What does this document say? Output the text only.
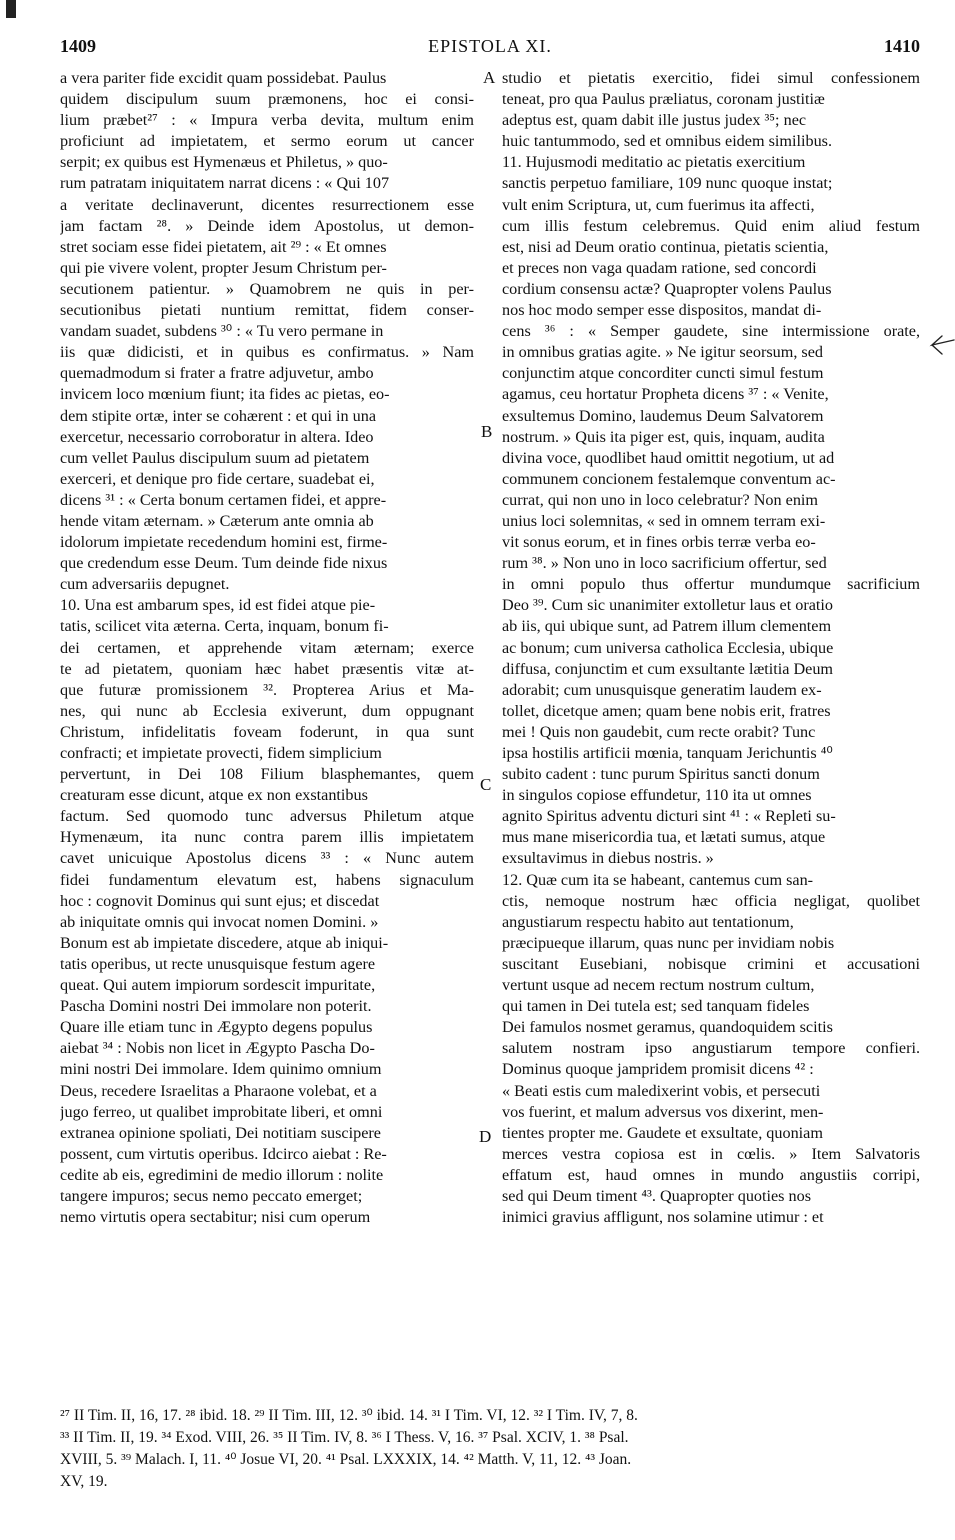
1409	EPISTOLA XI.	1410
a vera pariter fide excidit quam possidebat. Paulus
quidem discipulum suum præmonens, hoc ei consi-
lium præbet²⁷ : « Impura verba devita, multum enim
proficiunt ad impietatem, et sermo eorum ut cancer
serpit; ex quibus est Hymenæus et Philetus, » quo-
rum patratam iniquitatem narrat dicens : « Qui 107
a veritate declinaverunt, dicentes resurrectionem esse
jam factam ²⁸. » Deinde idem Apostolus, ut demon-
stret sociam esse fidei pietatem, ait ²⁹ : « Et omnes
qui pie vivere volent, propter Jesum Christum per-
secutionem patientur. » Quamobrem ne quis in per-
secutionibus pietati nuntium remittat, fidem conser-
vandam suadet, subdens ³⁰ : « Tu vero permane in
iis quæ didicisti, et in quibus es confirmatus. » Nam
quemadmodum si frater a fratre adjuvetur, ambo
invicem loco mœnium fiunt; ita fides ac pietas, eo-
dem stipite ortæ, inter se cohærent : et qui in una
exercetur, necessario corroboratur in altera. Ideo
cum vellet Paulus discipulum suum ad pietatem
exerceri, et denique pro fide certare, suadebat ei,
dicens ³¹ : « Certa bonum certamen fidei, et appre-
hende vitam æternam. » Cæterum ante omnia ab
idolorum impietate recedendum homini est, firme-
que credendum esse Deum. Tum deinde fide nixus
cum adversariis depugnet.
10. Una est ambarum spes, id est fidei atque pie-
tatis, scilicet vita æterna. Certa, inquam, bonum fi-
dei certamen, et apprehende vitam æternam; exerce
te ad pietatem, quoniam hæc habet præsentis vitæ at-
que futuræ promissionem ³². Propterea Arius et Ma-
nes, qui nunc ab Ecclesia exiverunt, dum oppugnant
Christum, infidelitatis foveam foderunt, in qua sunt
confracti; et impietate provecti, fidem simplicium
pervertunt, in Dei 108 Filium blasphemantes, quem
creaturam esse dicunt, atque ex non exstantibus
factum. Sed quomodo tunc adversus Philetum atque
Hymenæum, ita nunc contra parem illis impietatem
cavet unicuique Apostolus dicens ³³ : « Nunc autem
fidei fundamentum elevatum est, habens signaculum
hoc : cognovit Dominus qui sunt ejus; et discedat
ab iniquitate omnis qui invocat nomen Domini. »
Bonum est ab impietate discedere, atque ab iniqui-
tatis operibus, ut recte unusquisque festum agere
queat. Qui autem impiorum sordescit impuritate,
Pascha Domini nostri Dei immolare non poterit.
Quare ille etiam tunc in Ægypto degens populus
aiebat ³⁴ : Nobis non licet in Ægypto Pascha Do-
mini nostri Dei immolare. Idem quinimo omnium
Deus, recedere Israelitas a Pharaone volebat, et a
jugo ferreo, ut qualibet improbitate liberi, et omni
extranea opinione spoliati, Dei notitiam suscipere
possent, cum virtutis operibus. Idcirco aiebat : Re-
cedite ab eis, egredimini de medio illorum : nolite
tangere impuros; secus nemo peccato emerget;
nemo virtutis opera sectabitur; nisi cum operum
studio et pietatis exercitio, fidei simul confessionem
teneat, pro qua Paulus præliatus, coronam justitiæ
adeptus est, quam dabit ille justus judex ³⁵; nec
huic tantummodo, sed et omnibus eidem similibus.
11. Hujusmodi meditatio ac pietatis exercitium
sanctis perpetuo familiare, 109 nunc quoque instat;
vult enim Scriptura, ut, cum fuerimus ita affecti,
cum illis festum celebremus. Quid enim aliud festum
est, nisi ad Deum oratio continua, pietatis scientia,
et preces non vaga quadam ratione, sed concordi
cordium consensu actæ? Quapropter volens Paulus
nos hoc modo semper esse dispositos, mandat di-
cens ³⁶ : « Semper gaudete, sine intermissione orate,
in omnibus gratias agite. » Ne igitur seorsum, sed
conjunctim atque concorditer cuncti simul festum
agamus, ceu hortatur Propheta dicens ³⁷ : « Venite,
exsultemus Domino, laudemus Deum Salvatorem
nostrum. » Quis ita piger est, quis, inquam, audita
divina voce, quodlibet haud omittit negotium, ut ad
communem concionem festalemque conventum ac-
currat, qui non uno in loco celebratur? Non enim
unius loci solemnitas, « sed in omnem terram exi-
vit sonus eorum, et in fines orbis terræ verba eo-
rum ³⁸. » Non uno in loco sacrificium offertur, sed
in omni populo thus offertur mundumque sacrificium
Deo ³⁹. Cum sic unanimiter extolletur laus et oratio
ab iis, qui ubique sunt, ad Patrem illum clementem
ac bonum; cum universa catholica Ecclesia, ubique
diffusa, conjunctim et cum exsultante lætitia Deum
adorabit; cum unusquisque generatim laudem ex-
tollet, dicetque amen; quam bene nobis erit, fratres
mei ! Quis non gaudebit, cum recte orabit? Tunc
ipsa hostilis artificii mœnia, tanquam Jerichuntis ⁴⁰
subito cadent : tunc purum Spiritus sancti donum
in singulos copiose effundetur, 110 ita ut omnes
agnito Spiritus adventu dicturi sint ⁴¹ : « Repleti su-
mus mane misericordia tua, et lætati sumus, atque
exsultavimus in diebus nostris. »
12. Quæ cum ita se habeant, cantemus cum san-
ctis, nemoque nostrum hæc officia negligat, quolibet
angustiarum respectu habito aut tentationum,
præcipueque illarum, quas nunc per invidiam nobis
suscitant Eusebiani, nobisque crimini et accusationi
vertunt usque ad necem rectum nostrum cultum,
qui tamen in Dei tutela est; sed tanquam fideles
Dei famulos nosmet geramus, quandoquidem scitis
salutem nostram ipso angustiarum tempore confieri.
Dominus quoque jampridem promisit dicens ⁴² :
« Beati estis cum maledixerint vobis, et persecuti
vos fuerint, et malum adversus vos dixerint, men-
tientes propter me. Gaudete et exsultate, quoniam
merces vestra copiosa est in cœlis. » Item Salvatoris
effatum est, haud omnes in mundo angustiis corripi,
sed qui Deum timent ⁴³. Quapropter quoties nos
inimici gravius affligunt, nos solamine utimur : et
A
B
C
D
²⁷ II Tim. II, 16, 17. ²⁸ ibid. 18. ²⁹ II Tim. III, 12. ³⁰ ibid. 14. ³¹ I Tim. VI, 12. ³² I Tim. IV, 7, 8.
³³ II Tim. II, 19. ³⁴ Exod. VIII, 26. ³⁵ II Tim. IV, 8. ³⁶ I Thess. V, 16. ³⁷ Psal. XCIV, 1. ³⁸ Psal.
XVIII, 5. ³⁹ Malach. I, 11. ⁴⁰ Josue VI, 20. ⁴¹ Psal. LXXXIX, 14. ⁴² Matth. V, 11, 12. ⁴³ Joan.
XV, 19.
